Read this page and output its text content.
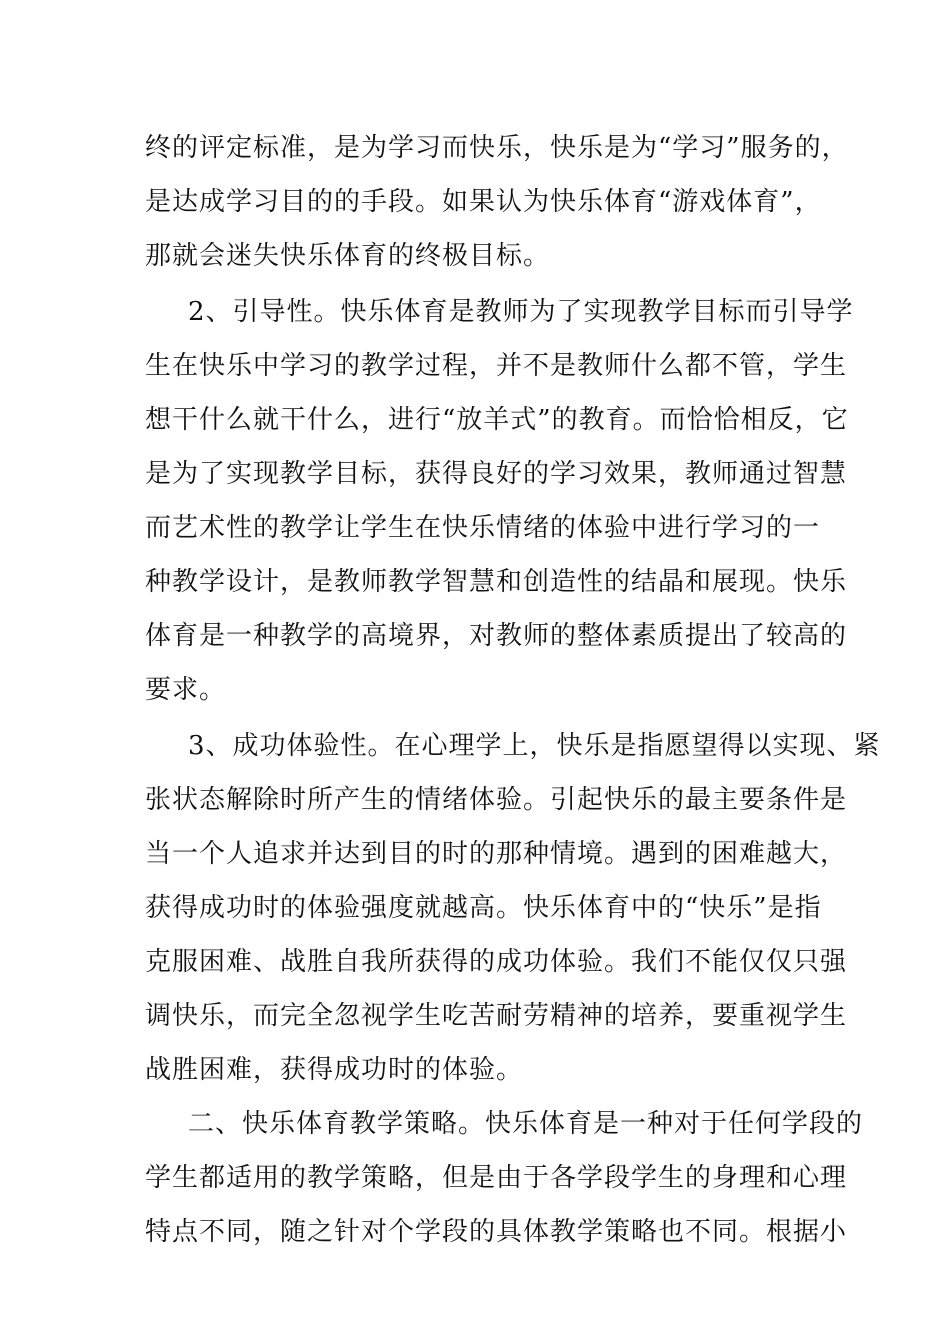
终的评定标准，是为学习而快乐，快乐是为“学习”服务的，
是达成学习目的的手段。如果认为快乐体育“游戏体育”，
那就会迷失快乐体育的终极目标。
2、引导性。快乐体育是教师为了实现教学目标而引导学
生在快乐中学习的教学过程，并不是教师什么都不管，学生
想干什么就干什么，进行“放羊式”的教育。而恰恰相反，它
是为了实现教学目标，获得良好的学习效果，教师通过智慧
而艺术性的教学让学生在快乐情绪的体验中进行学习的一
种教学设计，是教师教学智慧和创造性的结晶和展现。快乐
体育是一种教学的高境界，对教师的整体素质提出了较高的
要求。
3、成功体验性。在心理学上，快乐是指愿望得以实现、紧
张状态解除时所产生的情绪体验。引起快乐的最主要条件是
当一个人追求并达到目的时的那种情境。遇到的困难越大，
获得成功时的体验强度就越高。快乐体育中的“快乐”是指
克服困难、战胜自我所获得的成功体验。我们不能仅仅只强
调快乐，而完全忽视学生吃苦耐劳精神的培养，要重视学生
战胜困难，获得成功时的体验。
二、快乐体育教学策略。快乐体育是一种对于任何学段的
学生都适用的教学策略，但是由于各学段学生的身理和心理
特点不同，随之针对个学段的具体教学策略也不同。根据小
